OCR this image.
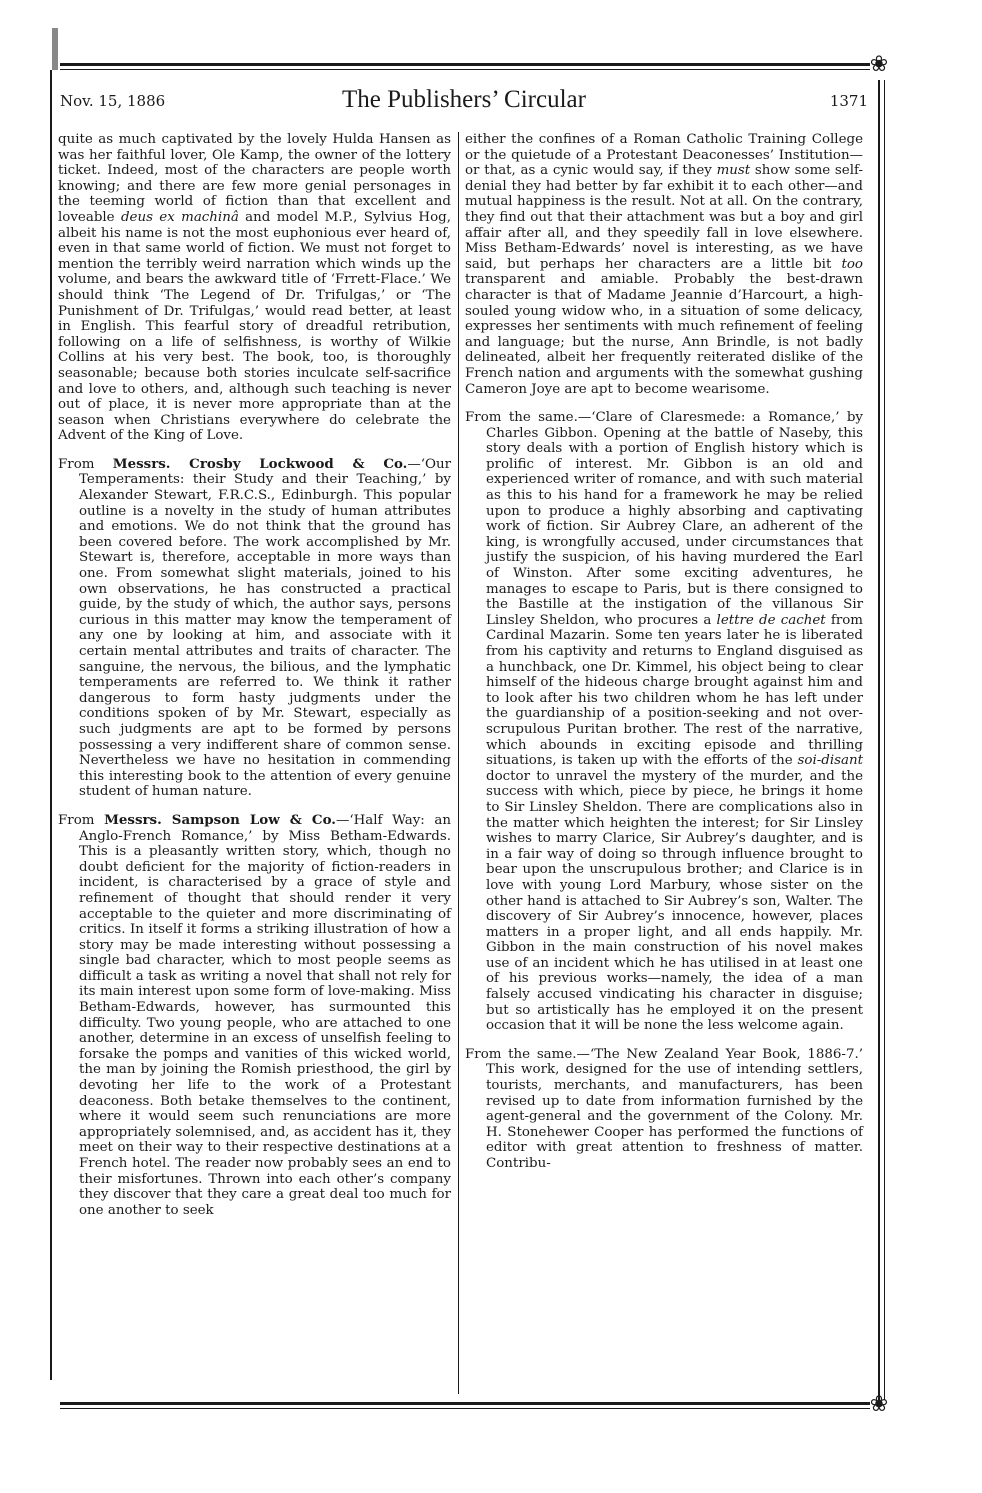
❀
❀
The Publishers’ Circular
Nov. 15, 1886	1371

quite as much captivated by the lovely Hulda Hansen as was her faithful lover, Ole Kamp, the owner of the lottery ticket. Indeed, most of the characters are people worth knowing; and there are few more genial personages in the teeming world of fiction than that excellent and loveable deus ex machinâ and model M.P., Sylvius Hog, albeit his name is not the most euphonious ever heard of, even in that same world of fiction. We must not forget to mention the terribly weird narration which winds up the volume, and bears the awkward title of ‘Frrett-Flace.’ We should think ‘The Legend of Dr. Trifulgas,’ or ‘The Punishment of Dr. Trifulgas,’ would read better, at least in English. This fearful story of dreadful retribution, following on a life of selfishness, is worthy of Wilkie Collins at his very best. The book, too, is thoroughly seasonable; because both stories inculcate self-sacrifice and love to others, and, although such teaching is never out of place, it is never more appropriate than at the season when Christians everywhere do celebrate the Advent of the King of Love.

From Messrs. Crosby Lockwood & Co.—‘Our Temperaments: their Study and their Teaching,’ by Alexander Stewart, F.R.C.S., Edinburgh. This popular outline is a novelty in the study of human attributes and emotions. We do not think that the ground has been covered before. The work accomplished by Mr. Stewart is, therefore, acceptable in more ways than one. From somewhat slight materials, joined to his own observations, he has constructed a practical guide, by the study of which, the author says, persons curious in this matter may know the temperament of any one by looking at him, and associate with it certain mental attributes and traits of character. The sanguine, the nervous, the bilious, and the lymphatic temperaments are referred to. We think it rather dangerous to form hasty judgments under the conditions spoken of by Mr. Stewart, especially as such judgments are apt to be formed by persons possessing a very indifferent share of common sense. Nevertheless we have no hesitation in commending this interesting book to the attention of every genuine student of human nature.

From Messrs. Sampson Low & Co.—‘Half Way: an Anglo-French Romance,’ by Miss Betham-Edwards. This is a pleasantly written story, which, though no doubt deficient for the majority of fiction-readers in incident, is characterised by a grace of style and refinement of thought that should render it very acceptable to the quieter and more discriminating of critics. In itself it forms a striking illustration of how a story may be made interesting without possessing a single bad character, which to most people seems as difficult a task as writing a novel that shall not rely for its main interest upon some form of love-making. Miss Betham-Edwards, however, has surmounted this difficulty. Two young people, who are attached to one another, determine in an excess of unselfish feeling to forsake the pomps and vanities of this wicked world, the man by joining the Romish priesthood, the girl by devoting her life to the work of a Protestant deaconess. Both betake themselves to the continent, where it would seem such renunciations are more appropriately solemnised, and, as accident has it, they meet on their way to their respective destinations at a French hotel. The reader now probably sees an end to their misfortunes. Thrown into each other’s company they discover that they care a great deal too much for one another to seek

either the confines of a Roman Catholic Training College or the quietude of a Protestant Deaconesses’ Institution—or that, as a cynic would say, if they must show some self-denial they had better by far exhibit it to each other—and mutual happiness is the result. Not at all. On the contrary, they find out that their attachment was but a boy and girl affair after all, and they speedily fall in love elsewhere. Miss Betham-Edwards’ novel is interesting, as we have said, but perhaps her characters are a little bit too transparent and amiable. Probably the best-drawn character is that of Madame Jeannie d’Harcourt, a high-souled young widow who, in a situation of some delicacy, expresses her sentiments with much refinement of feeling and language; but the nurse, Ann Brindle, is not badly delineated, albeit her frequently reiterated dislike of the French nation and arguments with the somewhat gushing Cameron Joye are apt to become wearisome.

From the same.—‘Clare of Claresmede: a Romance,’ by Charles Gibbon. Opening at the battle of Naseby, this story deals with a portion of English history which is prolific of interest. Mr. Gibbon is an old and experienced writer of romance, and with such material as this to his hand for a framework he may be relied upon to produce a highly absorbing and captivating work of fiction. Sir Aubrey Clare, an adherent of the king, is wrongfully accused, under circumstances that justify the suspicion, of his having murdered the Earl of Winston. After some exciting adventures, he manages to escape to Paris, but is there consigned to the Bastille at the instigation of the villanous Sir Linsley Sheldon, who procures a lettre de cachet from Cardinal Mazarin. Some ten years later he is liberated from his captivity and returns to England disguised as a hunchback, one Dr. Kimmel, his object being to clear himself of the hideous charge brought against him and to look after his two children whom he has left under the guardianship of a position-seeking and not over-scrupulous Puritan brother. The rest of the narrative, which abounds in exciting episode and thrilling situations, is taken up with the efforts of the soi-disant doctor to unravel the mystery of the murder, and the success with which, piece by piece, he brings it home to Sir Linsley Sheldon. There are complications also in the matter which heighten the interest; for Sir Linsley wishes to marry Clarice, Sir Aubrey’s daughter, and is in a fair way of doing so through influence brought to bear upon the unscrupulous brother; and Clarice is in love with young Lord Marbury, whose sister on the other hand is attached to Sir Aubrey’s son, Walter. The discovery of Sir Aubrey’s innocence, however, places matters in a proper light, and all ends happily. Mr. Gibbon in the main construction of his novel makes use of an incident which he has utilised in at least one of his previous works—namely, the idea of a man falsely accused vindicating his character in disguise; but so artistically has he employed it on the present occasion that it will be none the less welcome again.

From the same.—‘The New Zealand Year Book, 1886-7.’ This work, designed for the use of intending settlers, tourists, merchants, and manufacturers, has been revised up to date from information furnished by the agent-general and the government of the Colony. Mr. H. Stonehewer Cooper has performed the functions of editor with great attention to freshness of matter. Contribu-
